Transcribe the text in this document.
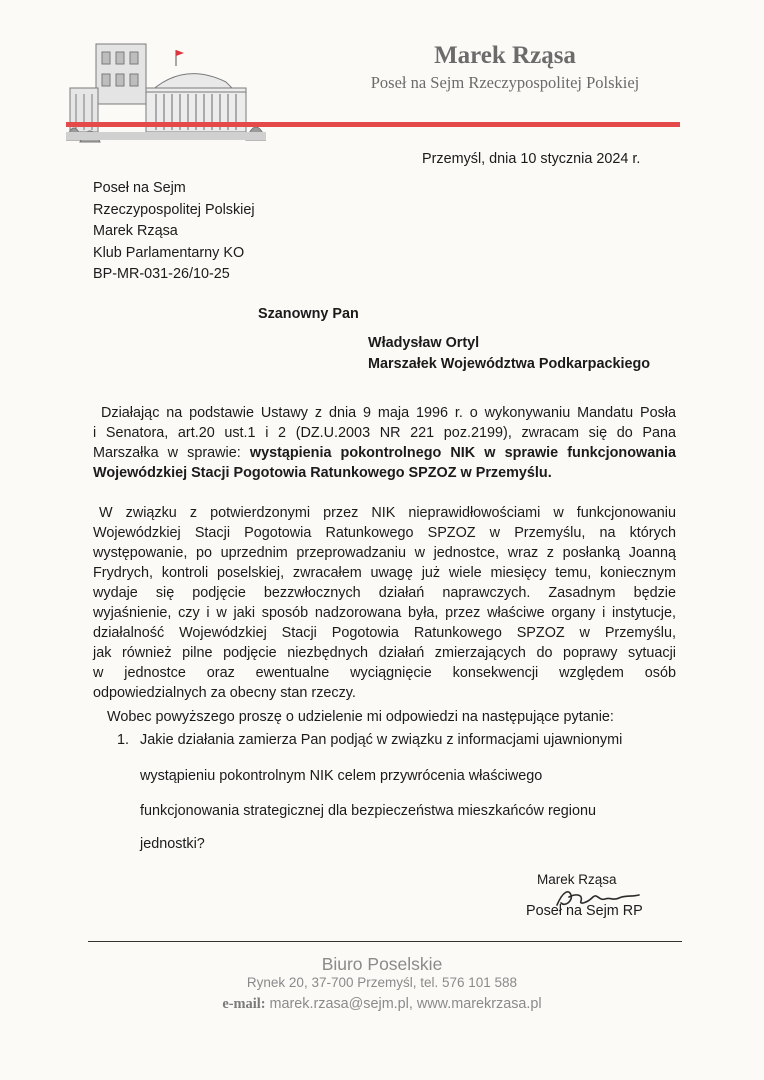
Marek Rząsa
Poseł na Sejm Rzeczypospolitej Polskiej
Przemyśl, dnia 10 stycznia 2024 r.
Poseł na Sejm
Rzeczypospolitej Polskiej
Marek Rząsa
Klub Parlamentarny KO
BP-MR-031-26/10-25
Szanowny Pan
Władysław Ortyl
Marszałek Województwa Podkarpackiego
Działając na podstawie Ustawy z dnia 9 maja 1996 r. o wykonywaniu Mandatu Posła
i Senatora, art.20 ust.1 i 2 (DZ.U.2003 NR 221 poz.2199), zwracam się do Pana
Marszałka w sprawie: wystąpienia pokontrolnego NIK w sprawie funkcjonowania
Wojewódzkiej Stacji Pogotowia Ratunkowego SPZOZ w Przemyślu.
W związku z potwierdzonymi przez NIK nieprawidłowościami w funkcjonowaniu
Wojewódzkiej Stacji Pogotowia Ratunkowego SPZOZ w Przemyślu, na których
występowanie, po uprzednim przeprowadzaniu w jednostce, wraz z posłanką Joanną
Frydrych, kontroli poselskiej, zwracałem uwagę już wiele miesięcy temu, koniecznym
wydaje się podjęcie bezzwłocznych działań naprawczych. Zasadnym będzie
wyjaśnienie, czy i w jaki sposób nadzorowana była, przez właściwe organy i instytucje,
działalność Wojewódzkiej Stacji Pogotowia Ratunkowego SPZOZ w Przemyślu,
jak również pilne podjęcie niezbędnych działań zmierzających do poprawy sytuacji
w jednostce oraz ewentualne wyciągnięcie konsekwencji względem osób
odpowiedzialnych za obecny stan rzeczy.
Wobec powyższego proszę o udzielenie mi odpowiedzi na następujące pytanie:
1. Jakie działania zamierza Pan podjąć w związku z informacjami ujawnionymi
wystąpieniu pokontrolnym NIK celem przywrócenia właściwego
funkcjonowania strategicznej dla bezpieczeństwa mieszkańców regionu
jednostki?
Marek Rząsa
Poseł na Sejm RP
Biuro Poselskie
Rynek 20, 37-700 Przemyśl, tel. 576 101 588
e-mail: marek.rzasa@sejm.pl, www.marekrzasa.pl
